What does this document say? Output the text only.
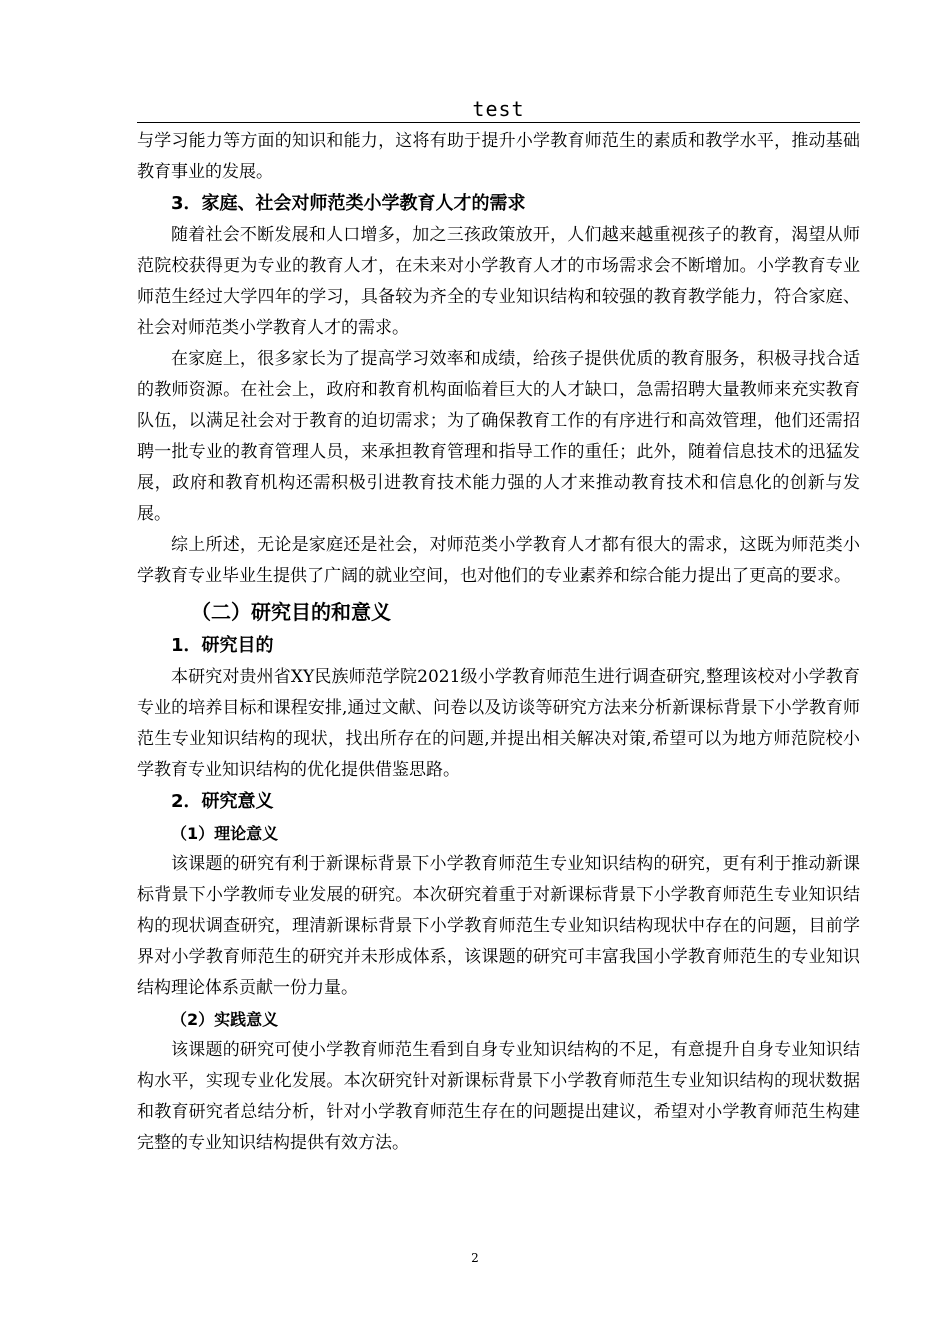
test

与学习能力等方面的知识和能力，这将有助于提升小学教育师范生的素质和教学水平，推动基础教育事业的发展。

3．家庭、社会对师范类小学教育人才的需求

随着社会不断发展和人口增多，加之三孩政策放开，人们越来越重视孩子的教育，渴望从师范院校获得更为专业的教育人才，在未来对小学教育人才的市场需求会不断增加。小学教育专业师范生经过大学四年的学习，具备较为齐全的专业知识结构和较强的教育教学能力，符合家庭、社会对师范类小学教育人才的需求。

在家庭上，很多家长为了提高学习效率和成绩，给孩子提供优质的教育服务，积极寻找合适的教师资源。在社会上，政府和教育机构面临着巨大的人才缺口，急需招聘大量教师来充实教育队伍，以满足社会对于教育的迫切需求；为了确保教育工作的有序进行和高效管理，他们还需招聘一批专业的教育管理人员，来承担教育管理和指导工作的重任；此外，随着信息技术的迅猛发展，政府和教育机构还需积极引进教育技术能力强的人才来推动教育技术和信息化的创新与发展。

综上所述，无论是家庭还是社会，对师范类小学教育人才都有很大的需求，这既为师范类小学教育专业毕业生提供了广阔的就业空间，也对他们的专业素养和综合能力提出了更高的要求。

（二）研究目的和意义

1．研究目的

本研究对贵州省XY民族师范学院2021级小学教育师范生进行调查研究,整理该校对小学教育专业的培养目标和课程安排,通过文献、问卷以及访谈等研究方法来分析新课标背景下小学教育师范生专业知识结构的现状，找出所存在的问题,并提出相关解决对策,希望可以为地方师范院校小学教育专业知识结构的优化提供借鉴思路。

2．研究意义

（1）理论意义

该课题的研究有利于新课标背景下小学教育师范生专业知识结构的研究，更有利于推动新课标背景下小学教师专业发展的研究。本次研究着重于对新课标背景下小学教育师范生专业知识结构的现状调查研究，理清新课标背景下小学教育师范生专业知识结构现状中存在的问题，目前学界对小学教育师范生的研究并未形成体系，该课题的研究可丰富我国小学教育师范生的专业知识结构理论体系贡献一份力量。

（2）实践意义

该课题的研究可使小学教育师范生看到自身专业知识结构的不足，有意提升自身专业知识结构水平，实现专业化发展。本次研究针对新课标背景下小学教育师范生专业知识结构的现状数据和教育研究者总结分析，针对小学教育师范生存在的问题提出建议，希望对小学教育师范生构建完整的专业知识结构提供有效方法。

2
